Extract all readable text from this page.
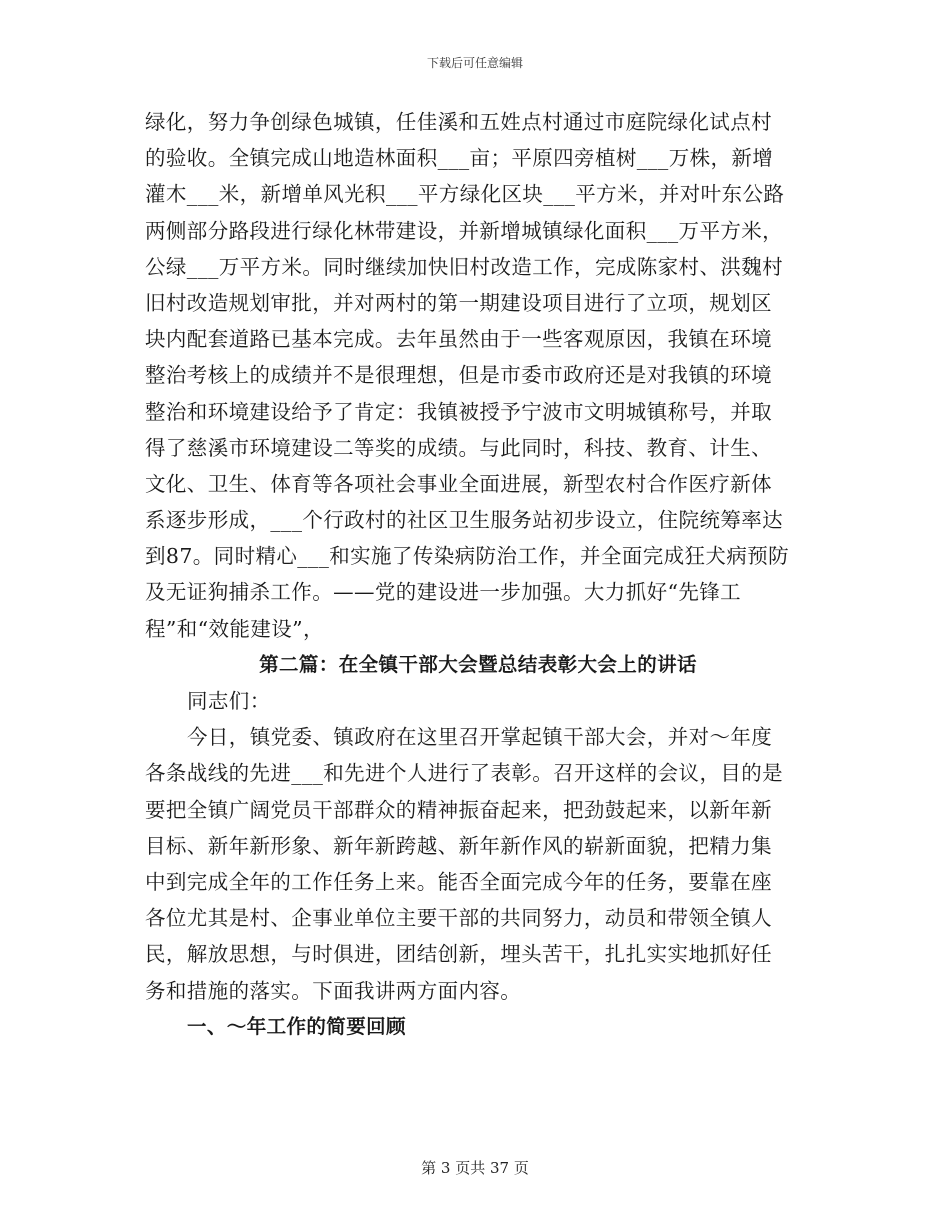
下载后可任意编辑
绿化，努力争创绿色城镇，任佳溪和五姓点村通过市庭院绿化试点村
的验收。全镇完成山地造林面积___亩；平原四旁植树___万株，新增
灌木___米，新增单风光积___平方绿化区块___平方米，并对叶东公路
两侧部分路段进行绿化林带建设，并新增城镇绿化面积___万平方米，
公绿___万平方米。同时继续加快旧村改造工作，完成陈家村、洪魏村
旧村改造规划审批，并对两村的第一期建设项目进行了立项，规划区
块内配套道路已基本完成。去年虽然由于一些客观原因，我镇在环境
整治考核上的成绩并不是很理想，但是市委市政府还是对我镇的环境
整治和环境建设给予了肯定：我镇被授予宁波市文明城镇称号，并取
得了慈溪市环境建设二等奖的成绩。与此同时，科技、教育、计生、
文化、卫生、体育等各项社会事业全面进展，新型农村合作医疗新体
系逐步形成，___个行政村的社区卫生服务站初步设立，住院统筹率达
到87。同时精心___和实施了传染病防治工作，并全面完成狂犬病预防
及无证狗捕杀工作。——党的建设进一步加强。大力抓好“先锋工
程”和“效能建设”，
第二篇：在全镇干部大会暨总结表彰大会上的讲话
同志们：
今日，镇党委、镇政府在这里召开掌起镇干部大会，并对～年度
各条战线的先进___和先进个人进行了表彰。召开这样的会议，目的是
要把全镇广阔党员干部群众的精神振奋起来，把劲鼓起来，以新年新
目标、新年新形象、新年新跨越、新年新作风的崭新面貌，把精力集
中到完成全年的工作任务上来。能否全面完成今年的任务，要靠在座
各位尤其是村、企事业单位主要干部的共同努力，动员和带领全镇人
民，解放思想，与时俱进，团结创新，埋头苦干，扎扎实实地抓好任
务和措施的落实。下面我讲两方面内容。
一、～年工作的简要回顾
第 3 页共 37 页
